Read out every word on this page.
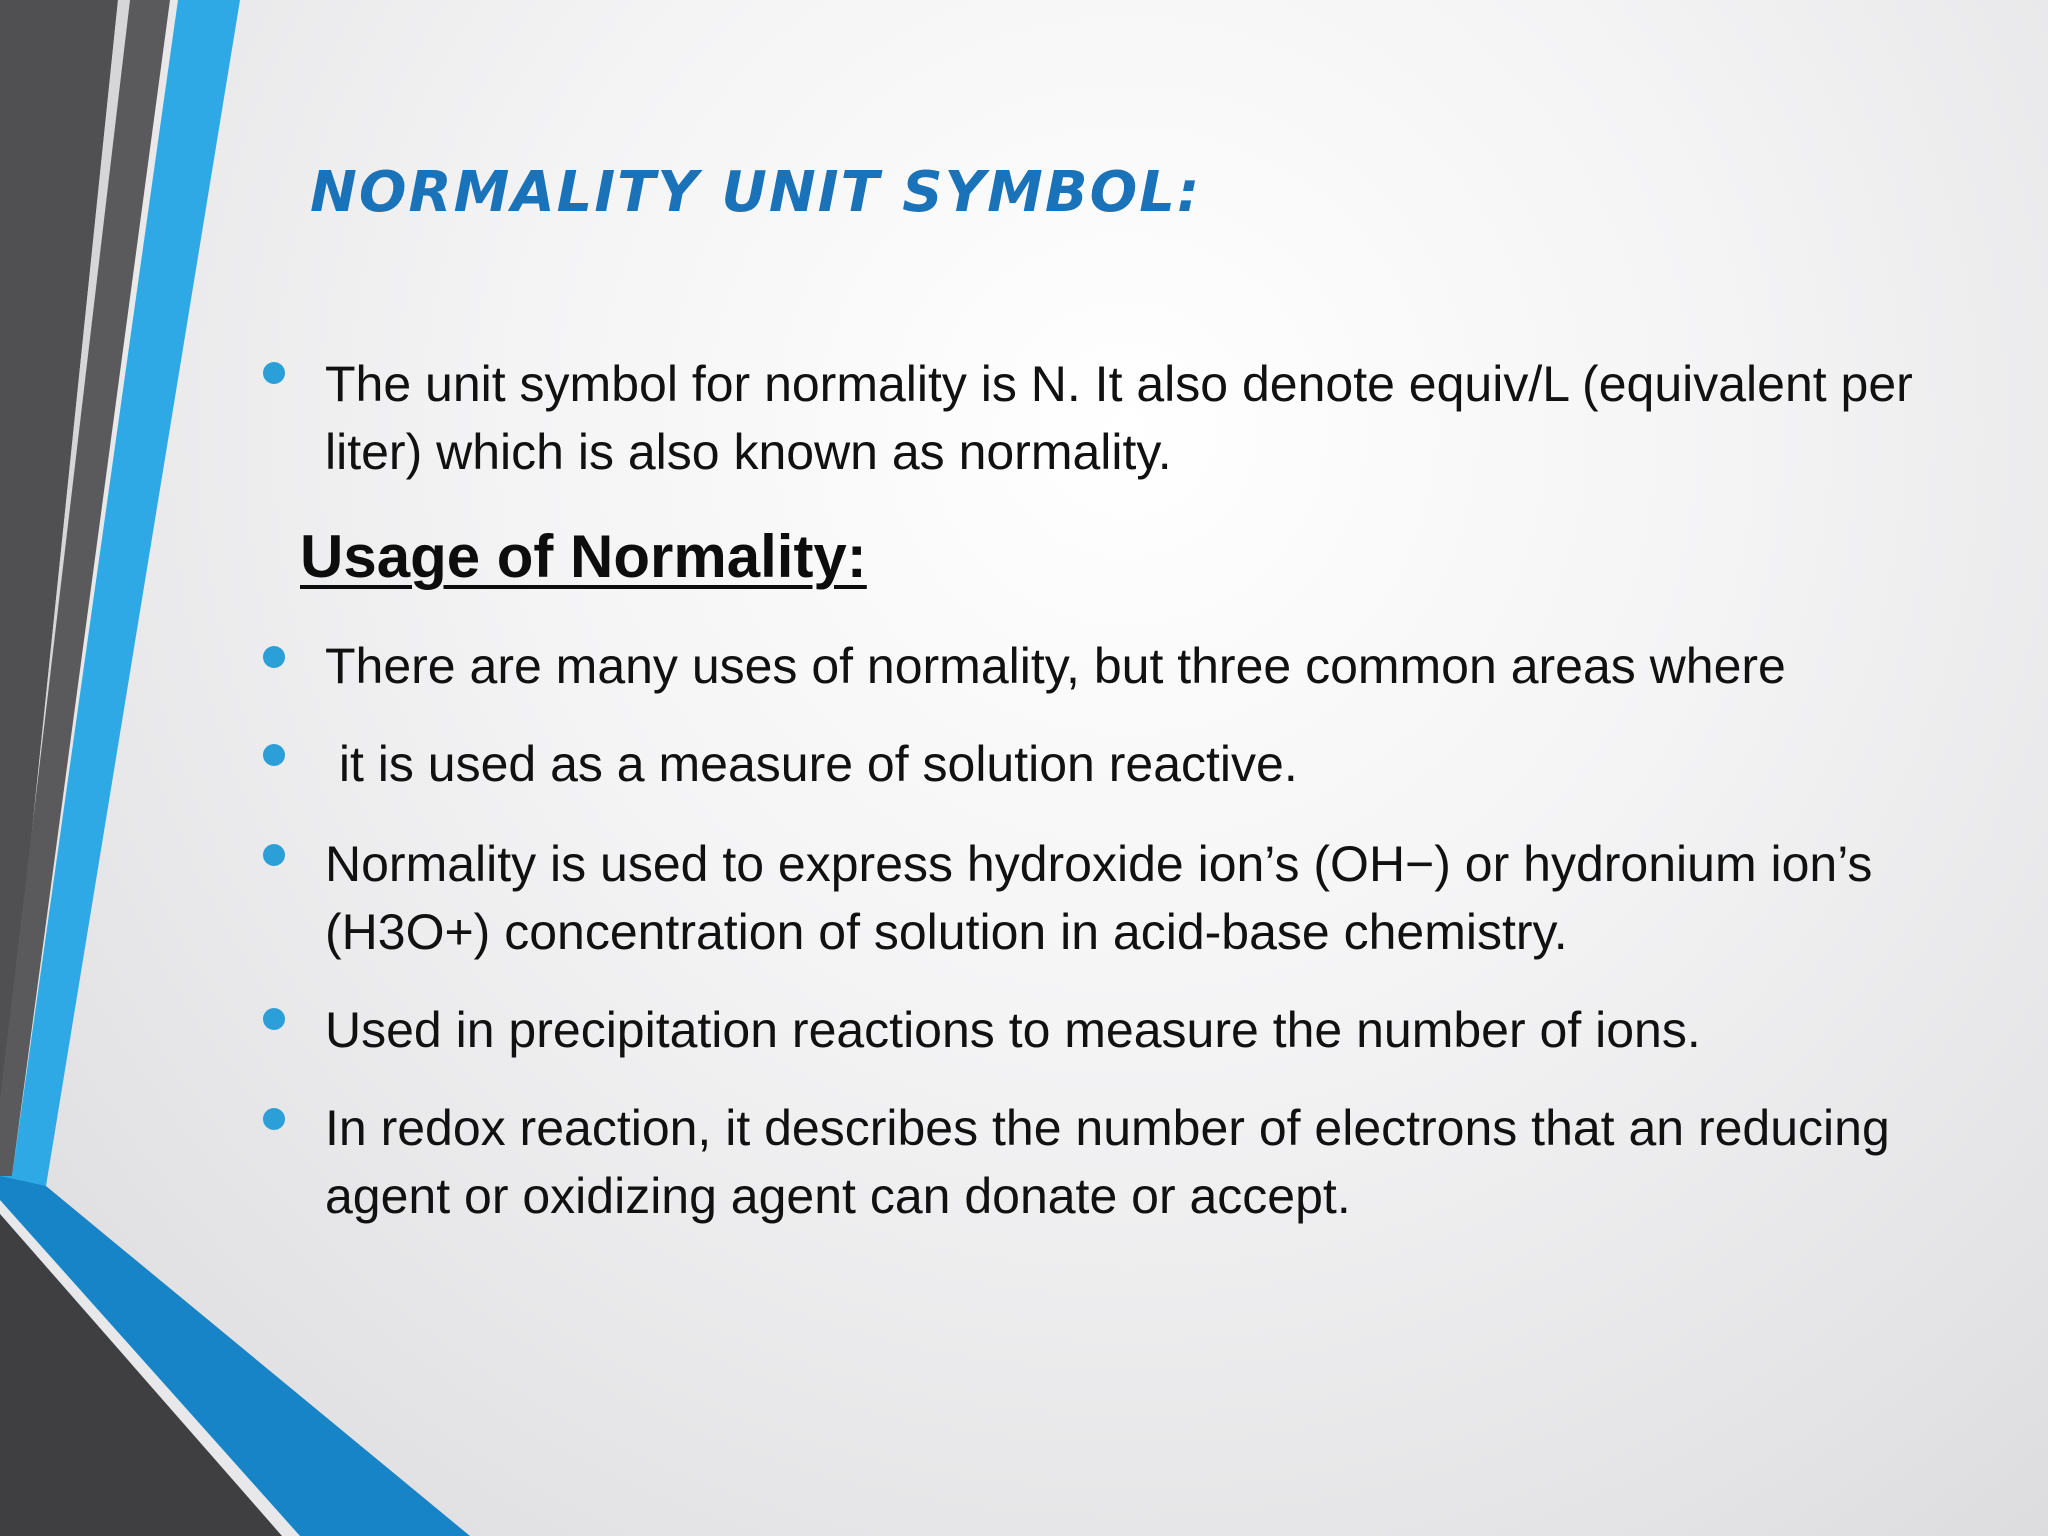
NORMALITY UNIT SYMBOL:
The unit symbol for normality is N. It also denote equiv/L (equivalent per liter) which is also known as normality.
Usage of Normality:
There are many uses of normality, but three common areas where
it is used as a measure of solution reactive.
Normality is used to express hydroxide ion’s (OH−) or hydronium ion’s (H3O+) concentration of solution in acid-base chemistry.
Used in precipitation reactions to measure the number of ions.
In redox reaction, it describes the number of electrons that an reducing agent or oxidizing agent can donate or accept.
